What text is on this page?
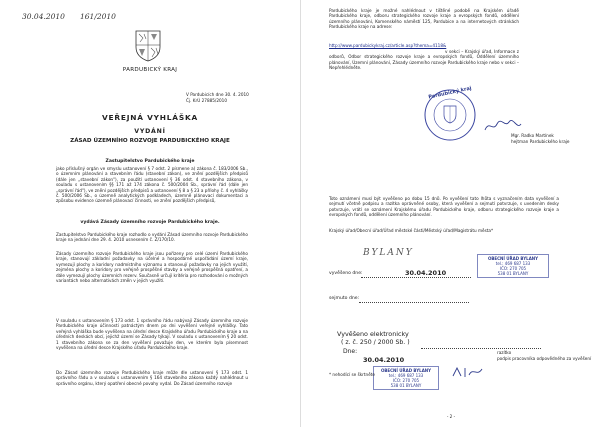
30.04.2010 161/2010
PARDUBICKÝ KRAJ
V Pardubicích dne 30. 4. 2010
Čj. KrÚ 27885/2010
VEŘEJNÁ VYHLÁŠKA
VYDÁNÍ
ZÁSAD ÚZEMNÍHO ROZVOJE PARDUBICKÉHO KRAJE
Zastupitelstvo Pardubického kraje
jako příslušný orgán ve smyslu ustanovení § 7 odst. 2 písmene a) zákona č. 183/2006 Sb., o územním plánování a stavebním řádu (stavební zákon), ve znění pozdějších předpisů (dále jen „stavební zákon"), za použití ustanovení § 36 odst. 4 stavebního zákona, v souladu s ustanovením §§ 171 až 174 zákona č. 500/2004 Sb., správní řád (dále jen „správní řád"), ve znění pozdějších předpisů a ustanovení § 8 a § 23 a přílohy č. 4 vyhlášky č. 500/2006 Sb., o územně analytických podkladech, územně plánovací dokumentaci a způsobu evidence územně plánovací činnosti, ve znění pozdějších předpisů,
vydává Zásady územního rozvoje Pardubického kraje.
Zastupitelstvo Pardubického kraje rozhodlo o vydání Zásad územního rozvoje Pardubického kraje na jednání dne 29. 4. 2010 usnesením č. Z/170/10.
Zásady územního rozvoje Pardubického kraje jsou pořízeny pro celé území Pardubického kraje, stanovují základní požadavky na účelné a hospodárné uspořádání území kraje, vymezují plochy a koridory nadmístního významu a stanovují požadavky na jejich využití, zejména plochy a koridory pro veřejně prospěšné stavby a veřejně prospěšná opatření, a dále vymezují plochy územních rezerv. Současně určují kritéria pro rozhodování o možných variantách nebo alternativách změn v jejich využití.
V souladu s ustanovením § 173 odst. 1 správního řádu nabývají Zásady územního rozvoje Pardubického kraje účinnosti patnáctým dnem po dni vyvěšení veřejné vyhlášky. Tato veřejná vyhláška bude vyvěšena na úřední desce Krajského úřadu Pardubického kraje a na úředních deskách obcí, jejichž území se Zásady týkají. V souladu s ustanovením § 20 odst. 1 stavebního zákona se za den vyvěšení považuje den, ve kterém byla písemnost vyvěšena na úřední desce Krajského úřadu Pardubického kraje.
Do Zásad územního rozvoje Pardubického kraje může dle ustanovení § 173 odst. 1 správního řádu a v souladu s ustanovením § 164 stavebního zákona každý nahlédnout u správního orgánu, který opatření obecné povahy vydal. Do Zásad územního rozvoje
Pardubického kraje je možné nahlédnout v tištěné podobě na Krajském úřadě Pardubického kraje, odboru strategického rozvoje kraje a evropských fondů, oddělení územního plánování, Komenského náměstí 125, Pardubice a na internetových stránkách Pardubického kraje na adrese:
http://www.pardubickykraj.cz/article.asp?thema=4118&
v sekci – Krajský úřad, Informace z odborů, Odbor strategického rozvoje kraje a evropských fondů, Oddělení územního plánování, Územní plánování, Zásady územního rozvoje Pardubického kraje nebo v sekci – Nepřehlédněte.
Pardubický kraj
Mgr. Radko Martínek
hejtman Pardubického kraje
Toto oznámení musí být vyvěšeno po dobu 15 dnů. Po vyvěšení tato lhůta s vyznačením data vyvěšení a sejmutí včetně podpisu a razítka oprávněné osoby, která vyvěšení a sejmutí potvrzuje, s uvedením desky potvrzuje, vrátí se oznámení Krajskému úřadu Pardubického kraje, odboru strategického rozvoje kraje a evropských fondů, oddělení územního plánování.
Krajský úřad/Obecní úřad/Úřad městské části/Městský úřad/Magistrátu města*
BYLANY
vyvěšeno dne:	30.04.2010
OBECNÍ ÚŘAD BYLANY
tel.: 469 687 133
IČO: 270 705
538 01 BYLANY
sejmuto dne:
Vyvěšeno elektronicky
( z. č. 250 / 2000 Sb. )
Dne:
30.04.2010
razítko
podpis pracovníka odpovědného za vyvěšení
OBECNÍ ÚŘAD BYLANY
tel.: 469 687 133
IČO: 270 705
538 01 BYLANY
* nehodící se škrtněte
- 2 -
